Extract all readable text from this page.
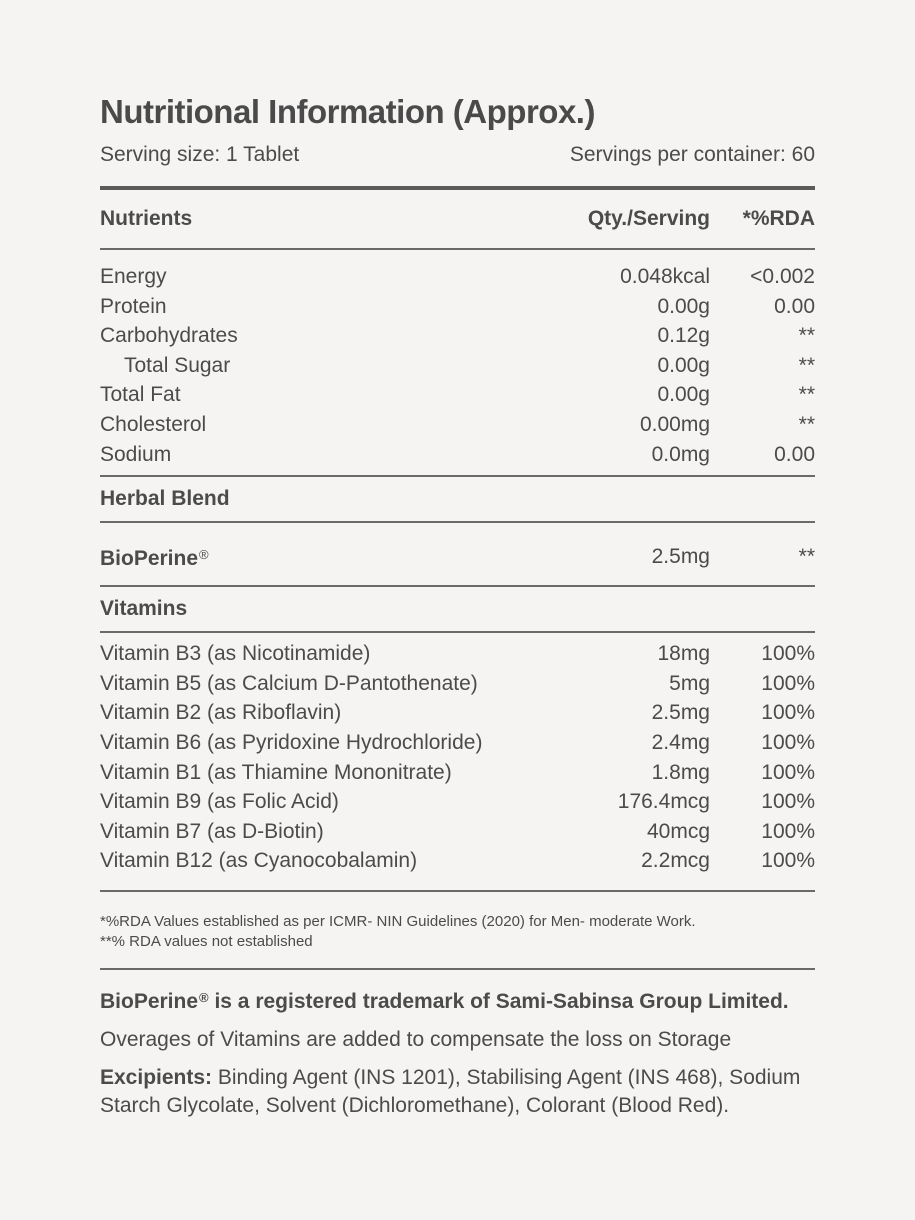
Nutritional Information (Approx.)
Serving size: 1 Tablet	Servings per container: 60
Nutrients	Qty./Serving	*%RDA
Energy	0.048kcal	<0.002
Protein	0.00g	0.00
Carbohydrates	0.12g	**
Total Sugar	0.00g	**
Total Fat	0.00g	**
Cholesterol	0.00mg	**
Sodium	0.0mg	0.00
Herbal Blend
BioPerine®	2.5mg	**
Vitamins
Vitamin B3 (as Nicotinamide)	18mg	100%
Vitamin B5 (as Calcium D-Pantothenate)	5mg	100%
Vitamin B2 (as Riboflavin)	2.5mg	100%
Vitamin B6 (as Pyridoxine Hydrochloride)	2.4mg	100%
Vitamin B1 (as Thiamine Mononitrate)	1.8mg	100%
Vitamin B9 (as Folic Acid)	176.4mcg	100%
Vitamin B7 (as D-Biotin)	40mcg	100%
Vitamin B12 (as Cyanocobalamin)	2.2mcg	100%
*%RDA Values established as per ICMR- NIN Guidelines (2020) for Men- moderate Work.
**% RDA values not established

BioPerine® is a registered trademark of Sami-Sabinsa Group Limited.

Overages of Vitamins are added to compensate the loss on Storage

Excipients: Binding Agent (INS 1201), Stabilising Agent (INS 468), Sodium Starch Glycolate, Solvent (Dichloromethane), Colorant (Blood Red).
